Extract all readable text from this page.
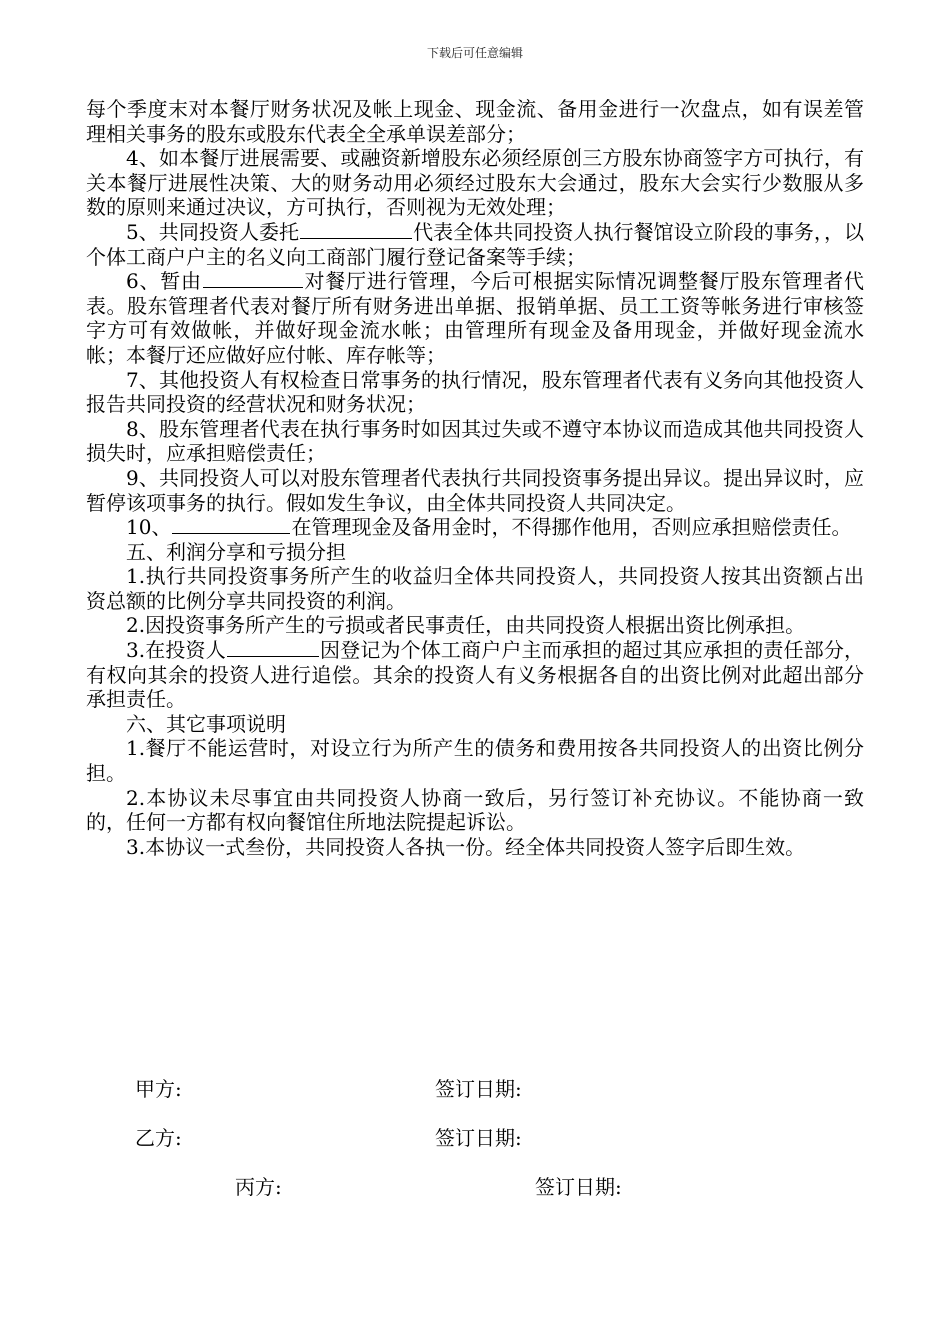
下载后可任意编辑

每个季度末对本餐厅财务状况及帐上现金、现金流、备用金进行一次盘点，如有误差管理相关事务的股东或股东代表全全承单误差部分；

4、如本餐厅进展需要、或融资新增股东必须经原创三方股东协商签字方可执行，有关本餐厅进展性决策、大的财务动用必须经过股东大会通过，股东大会实行少数服从多数的原则来通过决议，方可执行，否则视为无效处理；

5、共同投资人委托	代表全体共同投资人执行餐馆设立阶段的事务，，以个体工商户户主的名义向工商部门履行登记备案等手续；

6、暂由	对餐厅进行管理，今后可根据实际情况调整餐厅股东管理者代表。股东管理者代表对餐厅所有财务进出单据、报销单据、员工工资等帐务进行审核签字方可有效做帐，并做好现金流水帐；由管理所有现金及备用现金，并做好现金流水帐；本餐厅还应做好应付帐、库存帐等；

7、其他投资人有权检查日常事务的执行情况，股东管理者代表有义务向其他投资人报告共同投资的经营状况和财务状况；

8、股东管理者代表在执行事务时如因其过失或不遵守本协议而造成其他共同投资人损失时，应承担赔偿责任；

9、共同投资人可以对股东管理者代表执行共同投资事务提出异议。提出异议时，应暂停该项事务的执行。假如发生争议，由全体共同投资人共同决定。

10、	在管理现金及备用金时，不得挪作他用，否则应承担赔偿责任。

五、利润分享和亏损分担

1.执行共同投资事务所产生的收益归全体共同投资人，共同投资人按其出资额占出资总额的比例分享共同投资的利润。

2.因投资事务所产生的亏损或者民事责任，由共同投资人根据出资比例承担。

3.在投资人	因登记为个体工商户户主而承担的超过其应承担的责任部分，有权向其余的投资人进行追偿。其余的投资人有义务根据各自的出资比例对此超出部分承担责任。

六、其它事项说明

1.餐厅不能运营时，对设立行为所产生的债务和费用按各共同投资人的出资比例分担。

2.本协议未尽事宜由共同投资人协商一致后，另行签订补充协议。不能协商一致的，任何一方都有权向餐馆住所地法院提起诉讼。

3.本协议一式叁份，共同投资人各执一份。经全体共同投资人签字后即生效。

甲方:	签订日期:
乙方:	签订日期:
丙方:	签订日期:
